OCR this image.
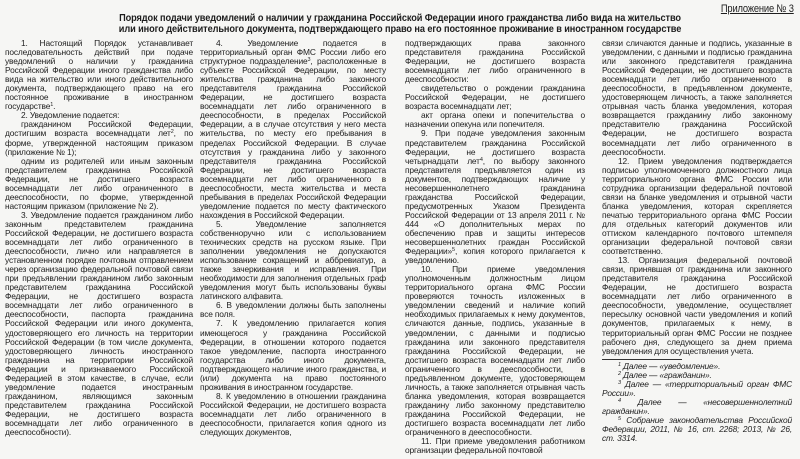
Приложение № 3
Порядок подачи уведомлений о наличии у гражданина Российской Федерации иного гражданства либо вида на жительство
или иного действительного документа, подтверждающего право на его постоянное проживание в иностранном государстве

1. Настоящий Порядок устанавливает последовательность действий при подаче уведомлений о наличии у гражданина Российской Федерации иного гражданства либо вида на жительство или иного действительного документа, подтверждающего право на его постоянное проживание в иностранном государстве$^1$.

2. Уведомление подается:

гражданином Российской Федерации, достигшим возраста восемнадцати лет$^2$, по форме, утвержденной настоящим приказом (приложение № 1);

одним из родителей или иным законным представителем гражданина Российской Федерации, не достигшего возраста восемнадцати лет либо ограниченного в дееспособности, по форме, утвержденной настоящим приказом (приложение № 2).

3. Уведомление подается гражданином либо законным представителем гражданина Российской Федерации, не достигшего возраста восемнадцати лет либо ограниченного в дееспособности, лично или направляется в установленном порядке почтовым отправлением через организацию федеральной почтовой связи при предъявлении гражданином либо законным представителем гражданина Российской Федерации, не достигшего возраста восемнадцати лет либо ограниченного в дееспособности, паспорта гражданина Российской Федерации или иного документа, удостоверяющего его личность на территории Российской Федерации (в том числе документа, удостоверяющего личность иностранного гражданина на территории Российской Федерации и признаваемого Российской Федерацией в этом качестве, в случае, если уведомление подается иностранным гражданином, являющимся законным представителем гражданина Российской Федерации, не достигшего возраста восемнадцати лет либо ограниченного в дееспособности).

4. Уведомление подается в территориальный орган ФМС России либо его структурное подразделение$^3$, расположенные в субъекте Российской Федерации, по месту жительства гражданина либо законного представителя гражданина Российской Федерации, не достигшего возраста восемнадцати лет либо ограниченного в дееспособности, в пределах Российской Федерации, а в случае отсутствия у него места жительства, по месту его пребывания в пределах Российской Федерации. В случае отсутствия у гражданина либо у законного представителя гражданина Российской Федерации, не достигшего возраста восемнадцати лет либо ограниченного в дееспособности, места жительства и места пребывания в пределах Российской Федерации уведомление подается по месту фактического нахождения в Российской Федерации.

5. Уведомление заполняется собственноручно или с использованием технических средств на русском языке. При заполнении уведомления не допускаются использование сокращений и аббревиатур, а также зачеркивания и исправления. При необходимости для заполнения отдельных граф уведомления могут быть использованы буквы латинского алфавита.

6. В уведомлении должны быть заполнены все поля.

7. К уведомлению прилагается копия имеющегося у гражданина Российской Федерации, в отношении которого подается такое уведомление, паспорта иностранного государства либо иного документа, подтверждающего наличие иного гражданства, и (или) документа на право постоянного проживания в иностранном государстве.

8. К уведомлению в отношении гражданина Российской Федерации, не достигшего возраста восемнадцати лет либо ограниченного в дееспособности, прилагается копия одного из следующих документов,

подтверждающих права законного представителя гражданина Российской Федерации, не достигшего возраста восемнадцати лет либо ограниченного в дееспособности:

свидетельство о рождении гражданина Российской Федерации, не достигшего возраста восемнадцати лет;

акт органа опеки и попечительства о назначении опекуна или попечителя.

9. При подаче уведомления законным представителем гражданина Российской Федерации, не достигшего возраста четырнадцати лет$^4$, по выбору законного представителя предъявляется один из документов, подтверждающих наличие у несовершеннолетнего гражданина гражданства Российской Федерации, предусмотренных Указом Президента Российской Федерации от 13 апреля 2011 г. № 444 «О дополнительных мерах по обеспечению прав и защиты интересов несовершеннолетних граждан Российской Федерации»$^5$, копия которого прилагается к уведомлению.

10. При приеме уведомления уполномоченным должностным лицом территориального органа ФМС России проверяются точность изложенных в уведомлении сведений и наличие копий необходимых прилагаемых к нему документов, сличаются данные, подпись, указанные в уведомлении, с данными и подписью гражданина или законного представителя гражданина Российской Федерации, не достигшего возраста восемнадцати лет либо ограниченного в дееспособности, в предъявленном документе, удостоверяющем личность, а также заполняется отрывная часть бланка уведомления, которая возвращается гражданину либо законному представителю гражданина Российской Федерации, не достигшего возраста восемнадцати лет либо ограниченного в дееспособности.

11. При приеме уведомления работником организации федеральной почтовой

связи сличаются данные и подпись, указанные в уведомлении, с данными и подписью гражданина или законного представителя гражданина Российской Федерации, не достигшего возраста восемнадцати лет либо ограниченного в дееспособности, в предъявленном документе, удостоверяющем личность, а также заполняется отрывная часть бланка уведомления, которая возвращается гражданину либо законному представителю гражданина Российской Федерации, не достигшего возраста восемнадцати лет либо ограниченного в дееспособности.

12. Прием уведомления подтверждается подписью уполномоченного должностного лица территориального органа ФМС России или сотрудника организации федеральной почтовой связи на бланке уведомления и отрывной части бланка уведомления, которая скрепляется печатью территориального органа ФМС России для отдельных категорий документов или оттиском календарного почтового штемпеля организации федеральной почтовой связи соответственно.

13. Организация федеральной почтовой связи, принявшая от гражданина или законного представителя гражданина Российской Федерации, не достигшего возраста восемнадцати лет либо ограниченного в дееспособности, уведомление, осуществляет пересылку основной части уведомления и копий документов, прилагаемых к нему, в территориальный орган ФМС России не позднее рабочего дня, следующего за днем приема уведомления для осуществления учета.

$^1$ Далее — «уведомление».

$^2$ Далее — «гражданин».

$^3$ Далее — «территориальный орган ФМС России».

$^4$ Далее — «несовершеннолетний гражданин».

$^5$ Собрание законодательства Российской Федерации, 2011, № 16, ст. 2268; 2013, № 26, ст. 3314.
